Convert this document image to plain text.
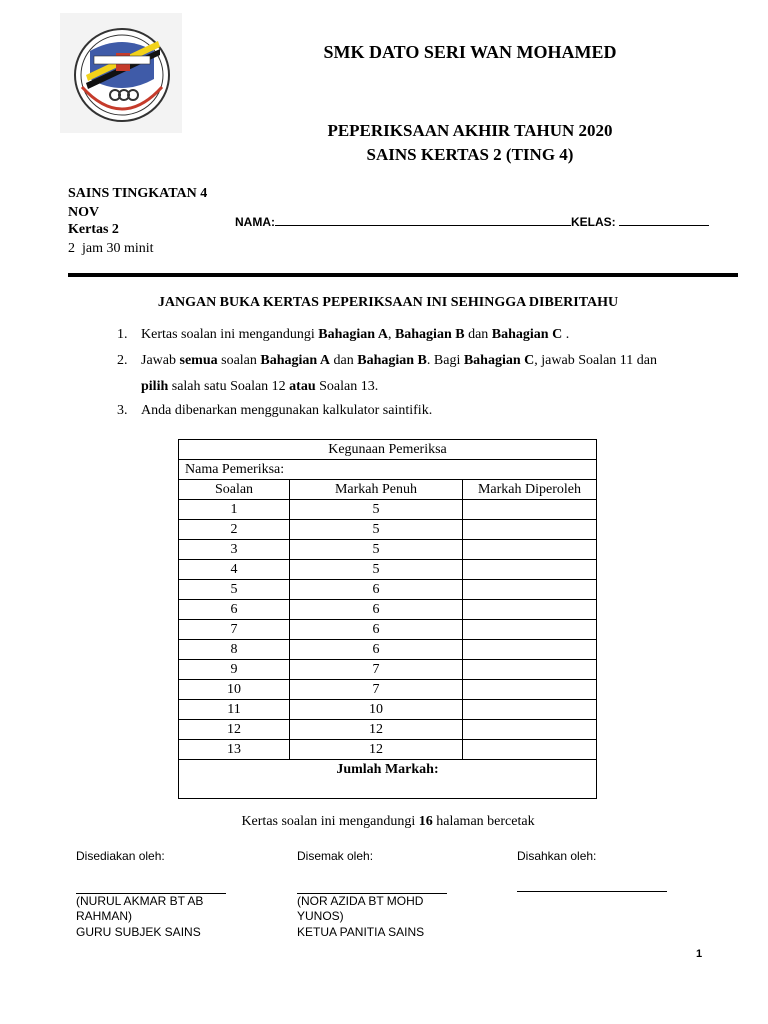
SMK DATO SERI WAN MOHAMED
PEPERIKSAAN AKHIR TAHUN 2020
SAINS KERTAS 2 (TING 4)
SAINS TINGKATAN 4
NOV
Kertas 2
2  jam 30 minit
NAMA:	KELAS:
JANGAN BUKA KERTAS PEPERIKSAAN INI SEHINGGA DIBERITAHU
1. Kertas soalan ini mengandungi Bahagian A, Bahagian B dan Bahagian C .
2. Jawab semua soalan Bahagian A dan Bahagian B. Bagi Bahagian C, jawab Soalan 11 dan
pilih salah satu Soalan 12 atau Soalan 13.
3. Anda dibenarkan menggunakan kalkulator saintifik.
Kegunaan Pemeriksa		
Nama Pemeriksa:		
Soalan	Markah Penuh	Markah Diperoleh
1	5	
2	5	
3	5	
4	5	
5	6	
6	6	
7	6	
8	6	
9	7	
10	7	
11	10	
12	12	
13	12	
Jumlah Markah:		
Kertas soalan ini mengandungi 16 halaman bercetak
Disediakan oleh:
(NURUL AKMAR BT AB
RAHMAN)
GURU SUBJEK SAINS
Disemak oleh:
(NOR AZIDA BT MOHD
YUNOS)
KETUA PANITIA SAINS
Disahkan oleh:
1
